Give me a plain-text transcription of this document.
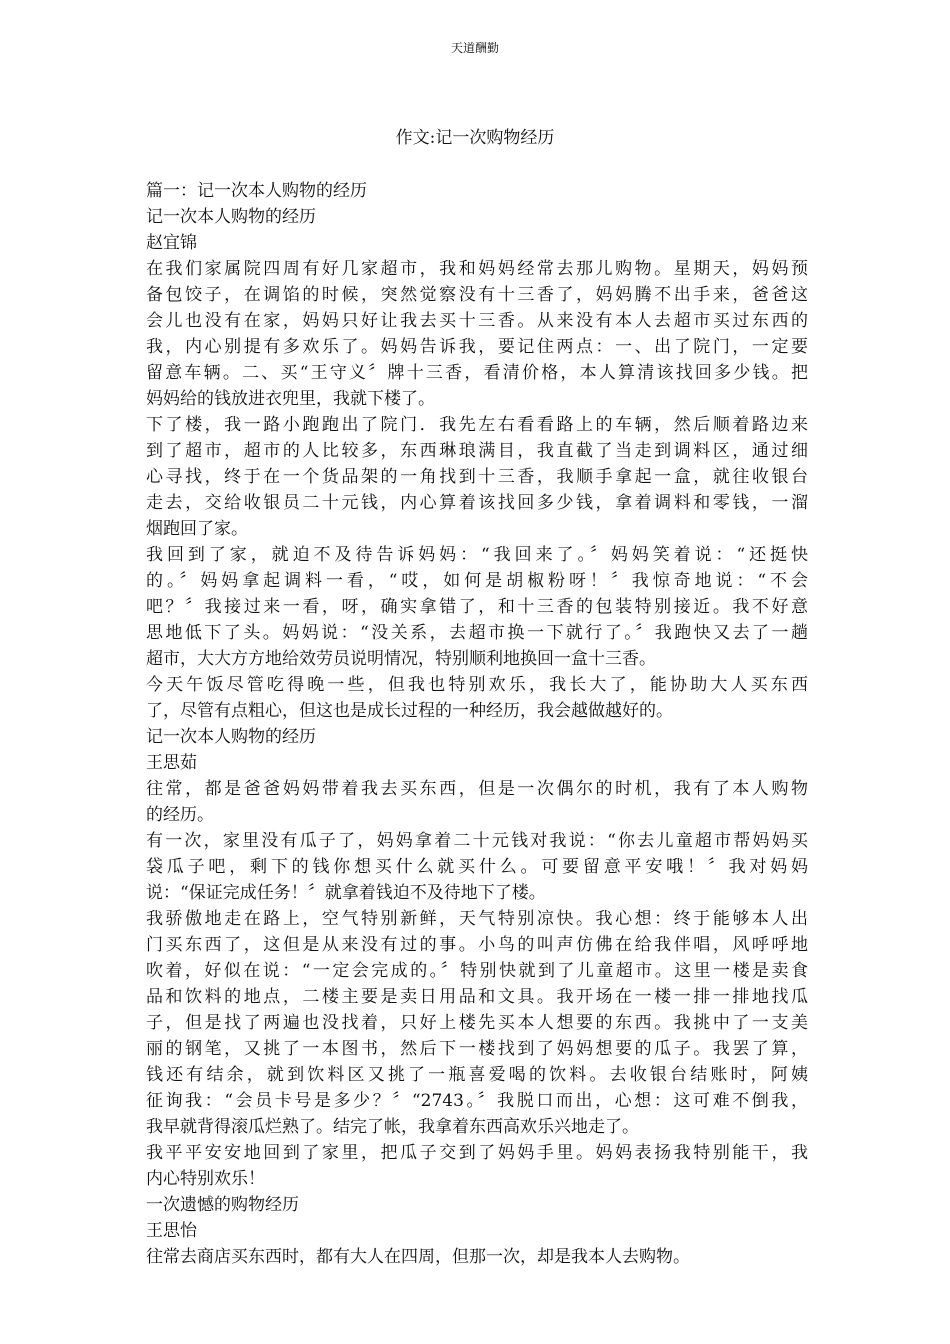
天道酬勤
作文:记一次购物经历
篇一：记一次本人购物的经历
记一次本人购物的经历
赵宜锦
在我们家属院四周有好几家超市，我和妈妈经常去那儿购物。星期天，妈妈预
备包饺子，在调馅的时候，突然觉察没有十三香了，妈妈腾不出手来，爸爸这
会儿也没有在家，妈妈只好让我去买十三香。从来没有本人去超市买过东西的
我，内心别提有多欢乐了。妈妈告诉我，要记住两点：一、出了院门，一定要
留意车辆。二、买“王守义〞牌十三香，看清价格，本人算清该找回多少钱。把
妈妈给的钱放进衣兜里，我就下楼了。
下了楼，我一路小跑跑出了院门．我先左右看看路上的车辆，然后顺着路边来
到了超市，超市的人比较多，东西琳琅满目，我直截了当走到调料区，通过细
心寻找，终于在一个货品架的一角找到十三香，我顺手拿起一盒，就往收银台
走去，交给收银员二十元钱，内心算着该找回多少钱，拿着调料和零钱，一溜
烟跑回了家。
我回到了家，就迫不及待告诉妈妈：“我回来了。〞妈妈笑着说：“还挺快
的。〞妈妈拿起调料一看，“哎，如何是胡椒粉呀！〞我惊奇地说：“不会
吧？〞我接过来一看，呀，确实拿错了，和十三香的包装特别接近。我不好意
思地低下了头。妈妈说：“没关系，去超市换一下就行了。〞我跑快又去了一趟
超市，大大方方地给效劳员说明情况，特别顺利地换回一盒十三香。
今天午饭尽管吃得晚一些，但我也特别欢乐，我长大了，能协助大人买东西
了，尽管有点粗心，但这也是成长过程的一种经历，我会越做越好的。
记一次本人购物的经历
王思茹
往常，都是爸爸妈妈带着我去买东西，但是一次偶尔的时机，我有了本人购物
的经历。
有一次，家里没有瓜子了，妈妈拿着二十元钱对我说：“你去儿童超市帮妈妈买
袋瓜子吧，剩下的钱你想买什么就买什么。可要留意平安哦！〞我对妈妈
说：“保证完成任务！〞就拿着钱迫不及待地下了楼。
我骄傲地走在路上，空气特别新鲜，天气特别凉快。我心想：终于能够本人出
门买东西了，这但是从来没有过的事。小鸟的叫声仿佛在给我伴唱，风呼呼地
吹着，好似在说：“一定会完成的。〞特别快就到了儿童超市。这里一楼是卖食
品和饮料的地点，二楼主要是卖日用品和文具。我开场在一楼一排一排地找瓜
子，但是找了两遍也没找着，只好上楼先买本人想要的东西。我挑中了一支美
丽的钢笔，又挑了一本图书，然后下一楼找到了妈妈想要的瓜子。我罢了算，
钱还有结余，就到饮料区又挑了一瓶喜爱喝的饮料。去收银台结账时，阿姨
征询我：“会员卡号是多少？〞“2743。〞我脱口而出，心想：这可难不倒我，
我早就背得滚瓜烂熟了。结完了帐，我拿着东西高欢乐兴地走了。
我平平安安地回到了家里，把瓜子交到了妈妈手里。妈妈表扬我特别能干，我
内心特别欢乐！
一次遗憾的购物经历
王思怡
往常去商店买东西时，都有大人在四周，但那一次，却是我本人去购物。
